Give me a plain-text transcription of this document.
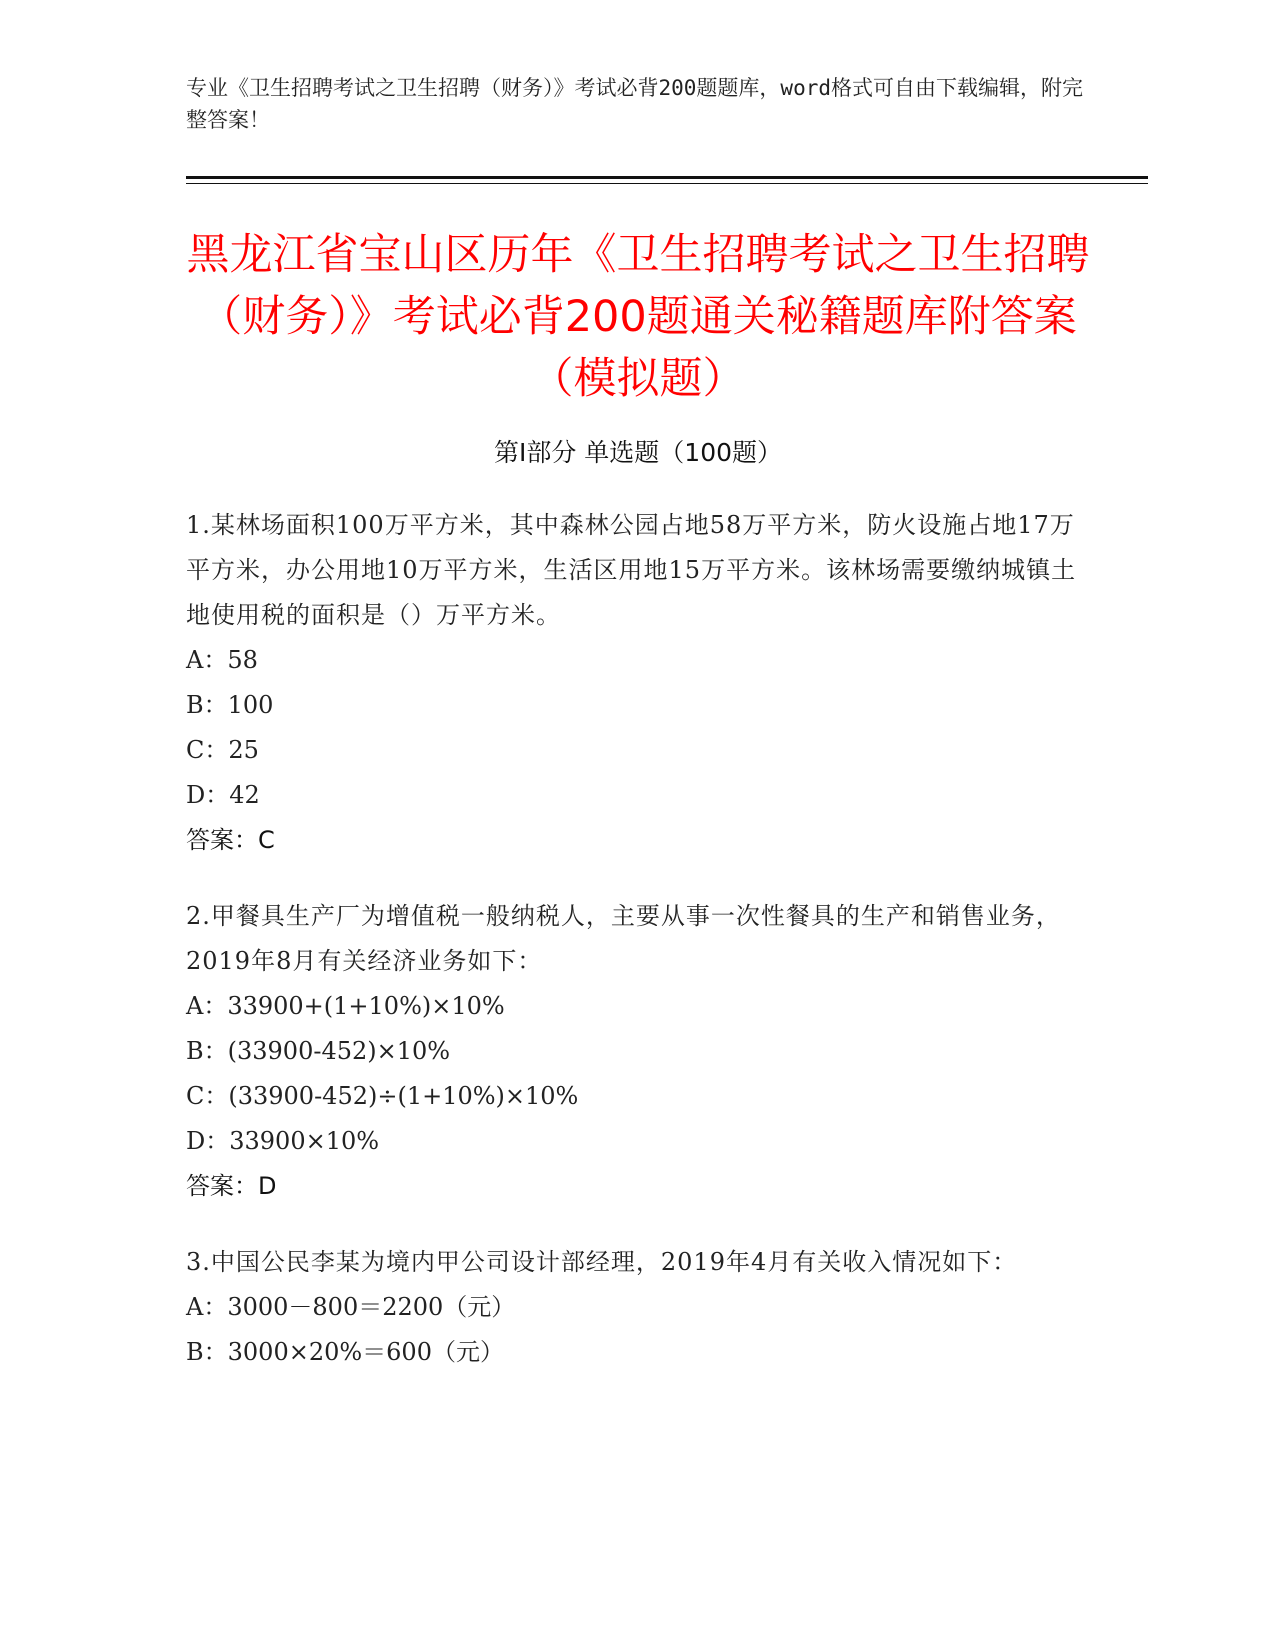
专业《卫生招聘考试之卫生招聘（财务）》考试必背200题题库，word格式可自由下载编辑，附完整答案！
黑龙江省宝山区历年《卫生招聘考试之卫生招聘（财务）》考试必背200题通关秘籍题库附答案（模拟题）
第Ⅰ部分 单选题（100题）
1.某林场面积100万平方米，其中森林公园占地58万平方米，防火设施占地17万平方米，办公用地10万平方米，生活区用地15万平方米。该林场需要缴纳城镇土地使用税的面积是（）万平方米。
A：58
B：100
C：25
D：42
答案：C
2.甲餐具生产厂为增值税一般纳税人，主要从事一次性餐具的生产和销售业务，2019年8月有关经济业务如下：
A：33900+(1+10%)×10%
B：(33900-452)×10%
C：(33900-452)÷(1+10%)×10%
D：33900×10%
答案：D
3.中国公民李某为境内甲公司设计部经理，2019年4月有关收入情况如下：
A：3000－800＝2200（元）
B：3000×20%＝600（元）
